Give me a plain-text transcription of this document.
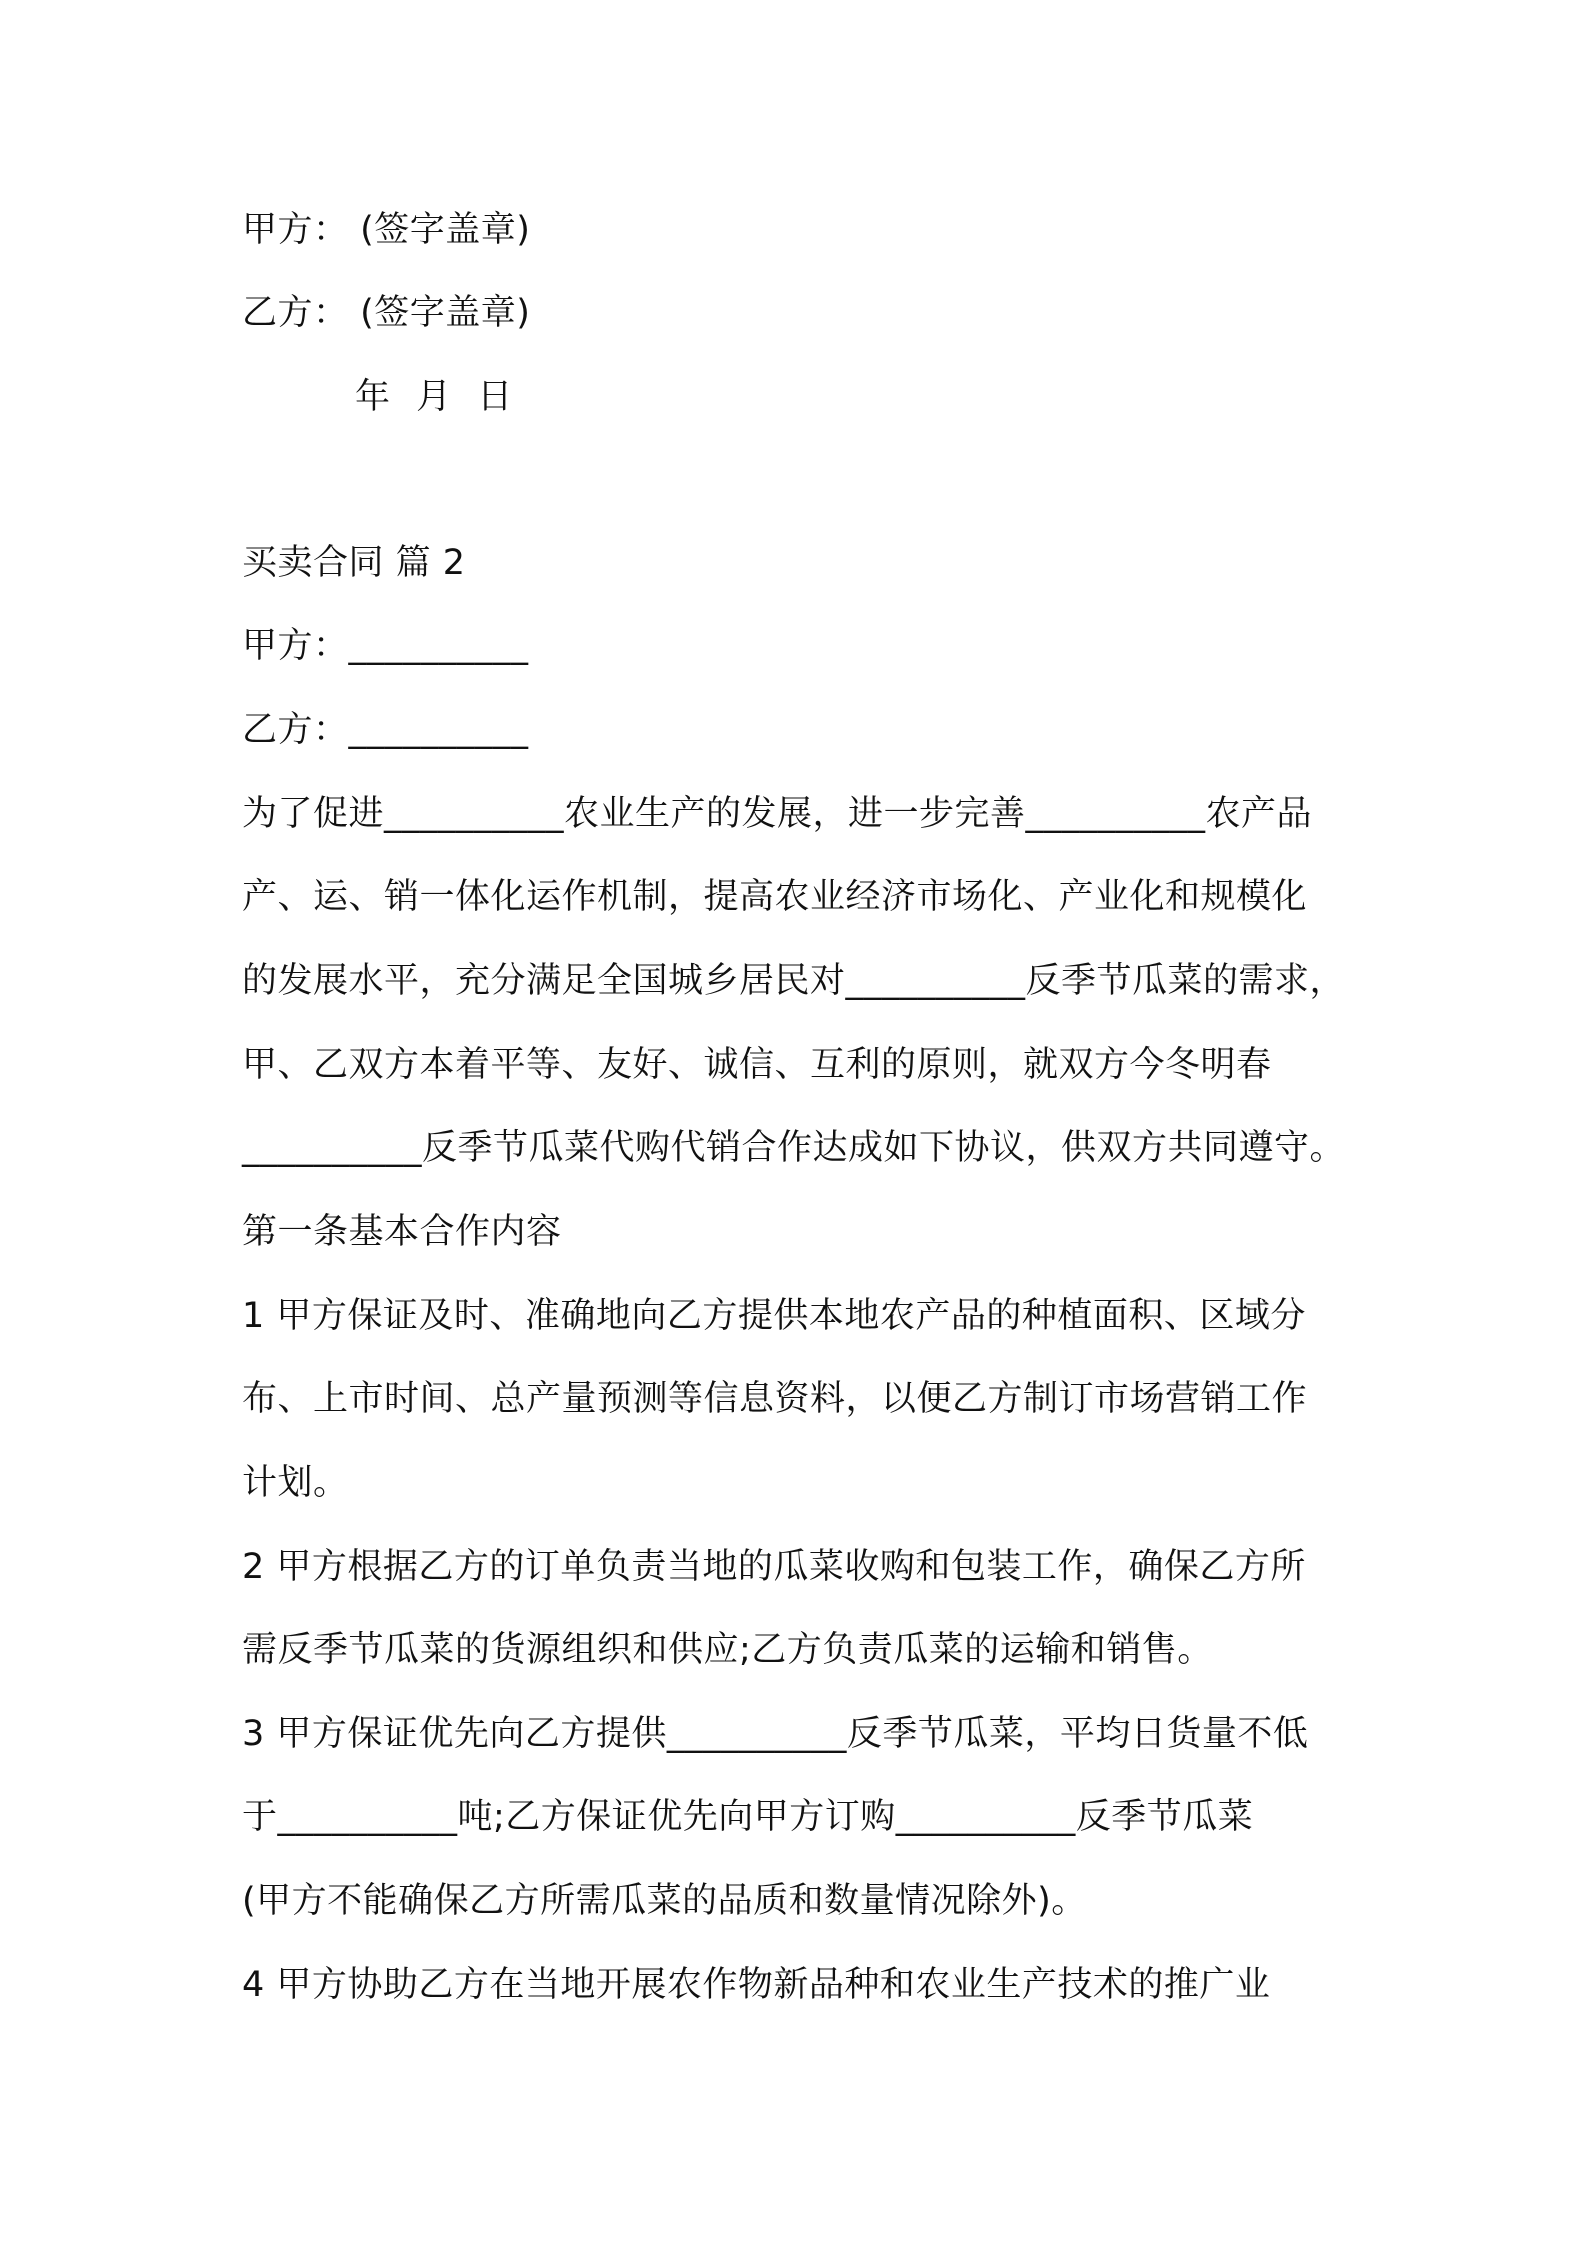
甲方： (签字盖章)
乙方： (签字盖章)
年 月 日
买卖合同 篇 2
甲方：__________
乙方：__________
为了促进__________农业生产的发展，进一步完善__________农产品
产、运、销一体化运作机制，提高农业经济市场化、产业化和规模化
的发展水平，充分满足全国城乡居民对__________反季节瓜菜的需求，
甲、乙双方本着平等、友好、诚信、互利的原则，就双方今冬明春
__________反季节瓜菜代购代销合作达成如下协议，供双方共同遵守。
第一条基本合作内容
1 甲方保证及时、准确地向乙方提供本地农产品的种植面积、区域分
布、上市时间、总产量预测等信息资料，以便乙方制订市场营销工作
计划。
2 甲方根据乙方的订单负责当地的瓜菜收购和包装工作，确保乙方所
需反季节瓜菜的货源组织和供应;乙方负责瓜菜的运输和销售。
3 甲方保证优先向乙方提供__________反季节瓜菜，平均日货量不低
于__________吨;乙方保证优先向甲方订购__________反季节瓜菜
(甲方不能确保乙方所需瓜菜的品质和数量情况除外)。
4 甲方协助乙方在当地开展农作物新品种和农业生产技术的推广业
